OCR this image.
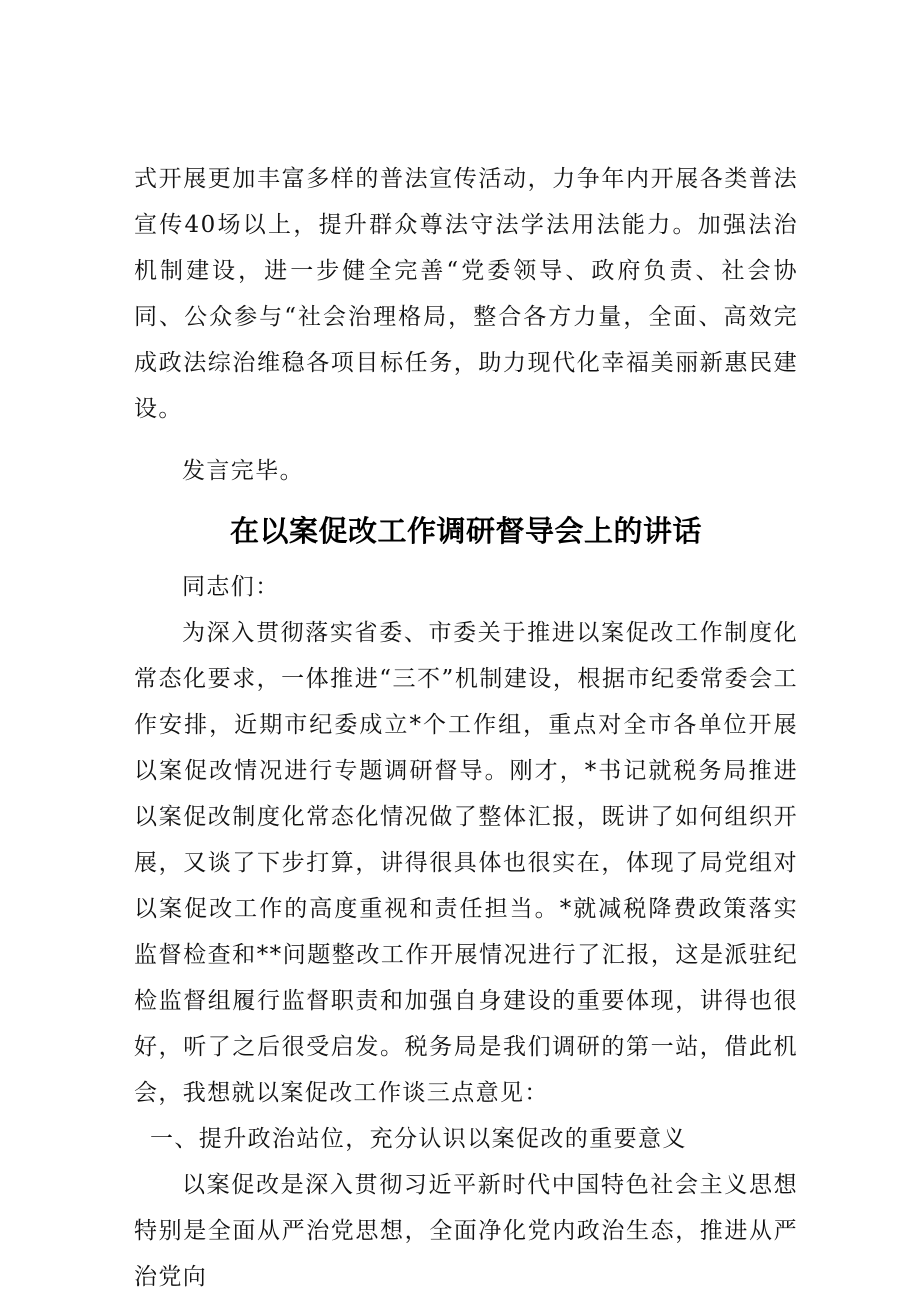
式开展更加丰富多样的普法宣传活动，力争年内开展各类普法宣传40场以上，提升群众尊法守法学法用法能力。加强法治机制建设，进一步健全完善“党委领导、政府负责、社会协同、公众参与“社会治理格局，整合各方力量，全面、高效完成政法综治维稳各项目标任务，助力现代化幸福美丽新惠民建设。

发言完毕。

在以案促改工作调研督导会上的讲话

同志们：

为深入贯彻落实省委、市委关于推进以案促改工作制度化常态化要求，一体推进“三不”机制建设，根据市纪委常委会工作安排，近期市纪委成立*个工作组，重点对全市各单位开展以案促改情况进行专题调研督导。刚才，*书记就税务局推进以案促改制度化常态化情况做了整体汇报，既讲了如何组织开展，又谈了下步打算，讲得很具体也很实在，体现了局党组对以案促改工作的高度重视和责任担当。*就减税降费政策落实监督检查和**问题整改工作开展情况进行了汇报，这是派驻纪检监督组履行监督职责和加强自身建设的重要体现，讲得也很好，听了之后很受启发。税务局是我们调研的第一站，借此机会，我想就以案促改工作谈三点意见：

一、提升政治站位，充分认识以案促改的重要意义

以案促改是深入贯彻习近平新时代中国特色社会主义思想特别是全面从严治党思想，全面净化党内政治生态，推进从严治党向
